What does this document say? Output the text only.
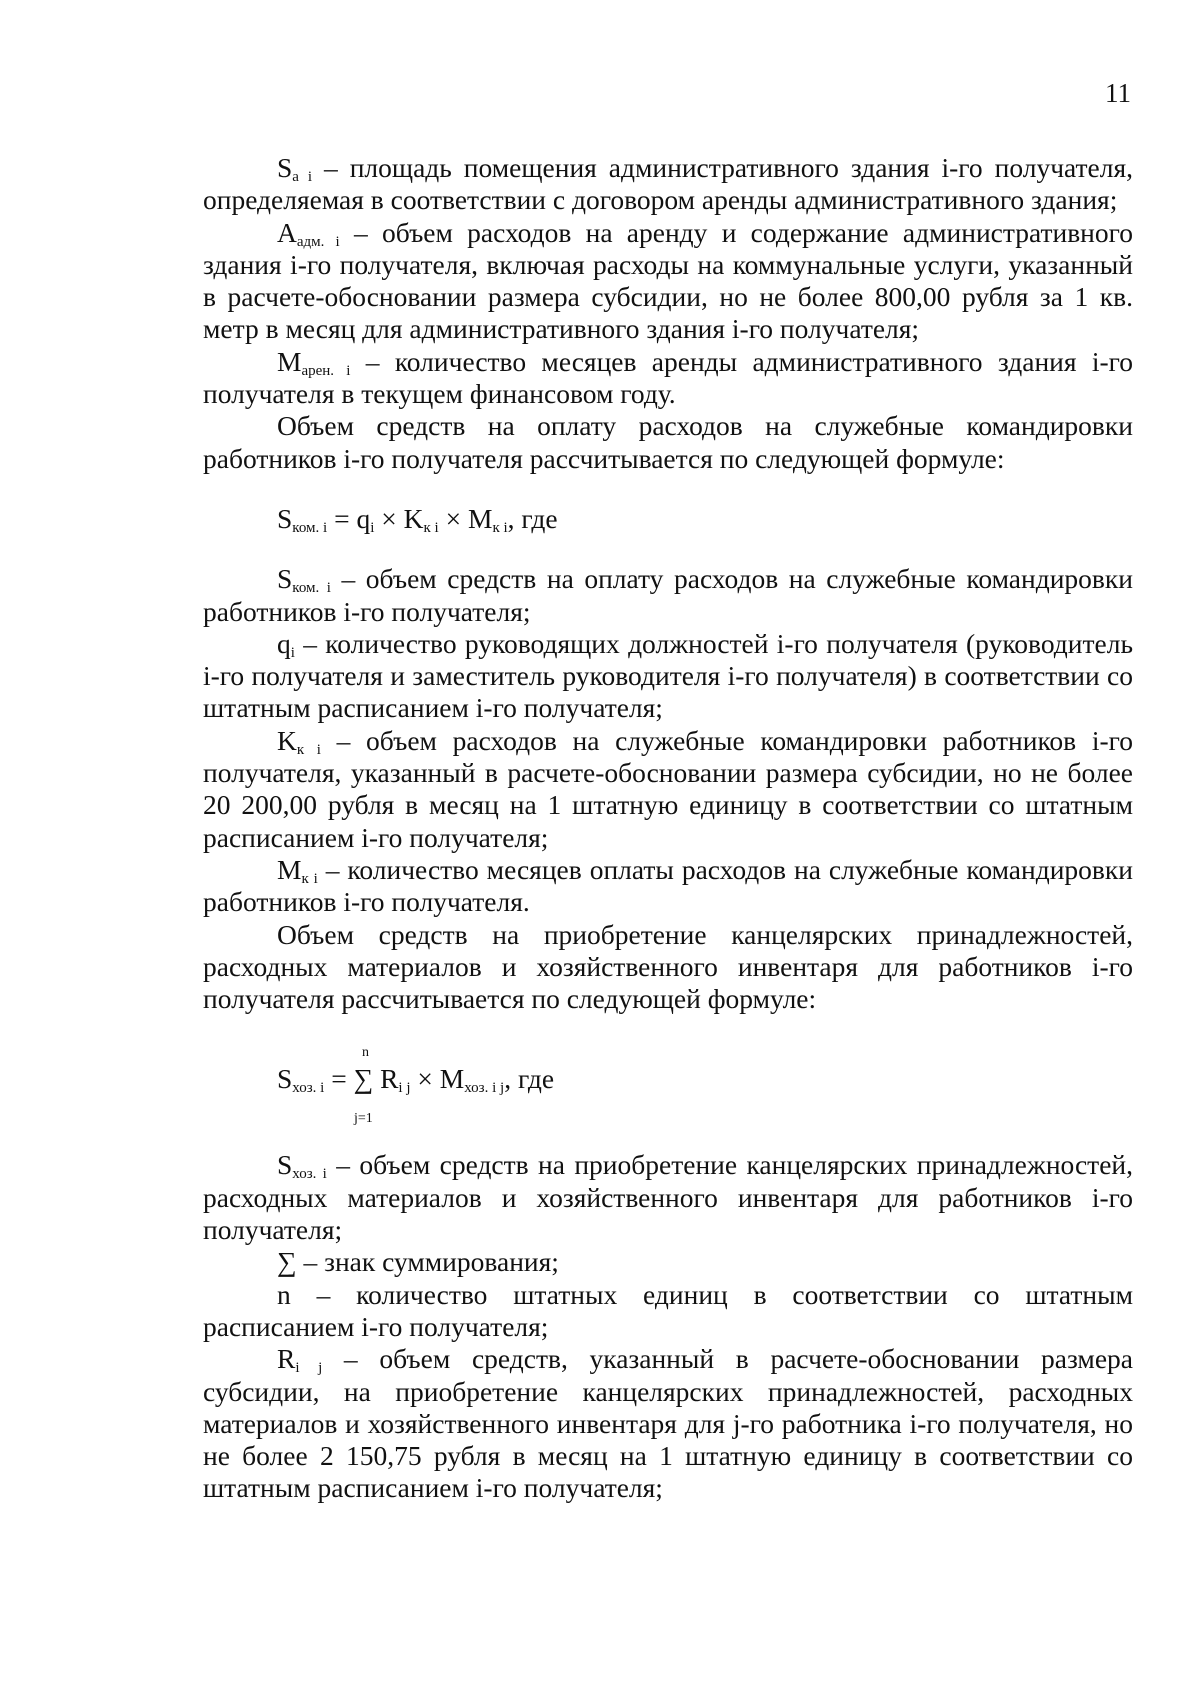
11

$S_{a i}$ – площадь помещения административного здания i-го получателя, определяемая в соответствии с договором аренды административного здания;

$A_{адм. i}$ – объем расходов на аренду и содержание административного здания i-го получателя, включая расходы на коммунальные услуги, указанный в расчете-обосновании размера субсидии, но не более 800,00 рубля за 1 кв. метр в месяц для административного здания i-го получателя;

$M_{арен. i}$ – количество месяцев аренды административного здания i-го получателя в текущем финансовом году.

Объем средств на оплату расходов на служебные командировки работников i-го получателя рассчитывается по следующей формуле:

$S_{ком. i} = q_i \times K_{к i} \times M_{к i}$, где

$S_{ком. i}$ – объем средств на оплату расходов на служебные командировки работников i-го получателя;

$q_i$ – количество руководящих должностей i-го получателя (руководитель i-го получателя и заместитель руководителя i-го получателя) в соответствии со штатным расписанием i-го получателя;

$K_{к i}$ – объем расходов на служебные командировки работников i-го получателя, указанный в расчете-обосновании размера субсидии, но не более 20 200,00 рубля в месяц на 1 штатную единицу в соответствии со штатным расписанием i-го получателя;

$M_{к i}$ – количество месяцев оплаты расходов на служебные командировки работников i-го получателя.

Объем средств на приобретение канцелярских принадлежностей, расходных материалов и хозяйственного инвентаря для работников i-го получателя рассчитывается по следующей формуле:

n
$S_{хоз. i}$ = ∑ $R_{i j} \times M_{хоз. i j}$, где
j=1

$S_{хоз. i}$ – объем средств на приобретение канцелярских принадлежностей, расходных материалов и хозяйственного инвентаря для работников i-го получателя;

∑ – знак суммирования;

n – количество штатных единиц в соответствии со штатным расписанием i-го получателя;

$R_{i j}$ – объем средств, указанный в расчете-обосновании размера субсидии, на приобретение канцелярских принадлежностей, расходных материалов и хозяйственного инвентаря для j-го работника i-го получателя, но не более 2 150,75 рубля в месяц на 1 штатную единицу в соответствии со штатным расписанием i-го получателя;
